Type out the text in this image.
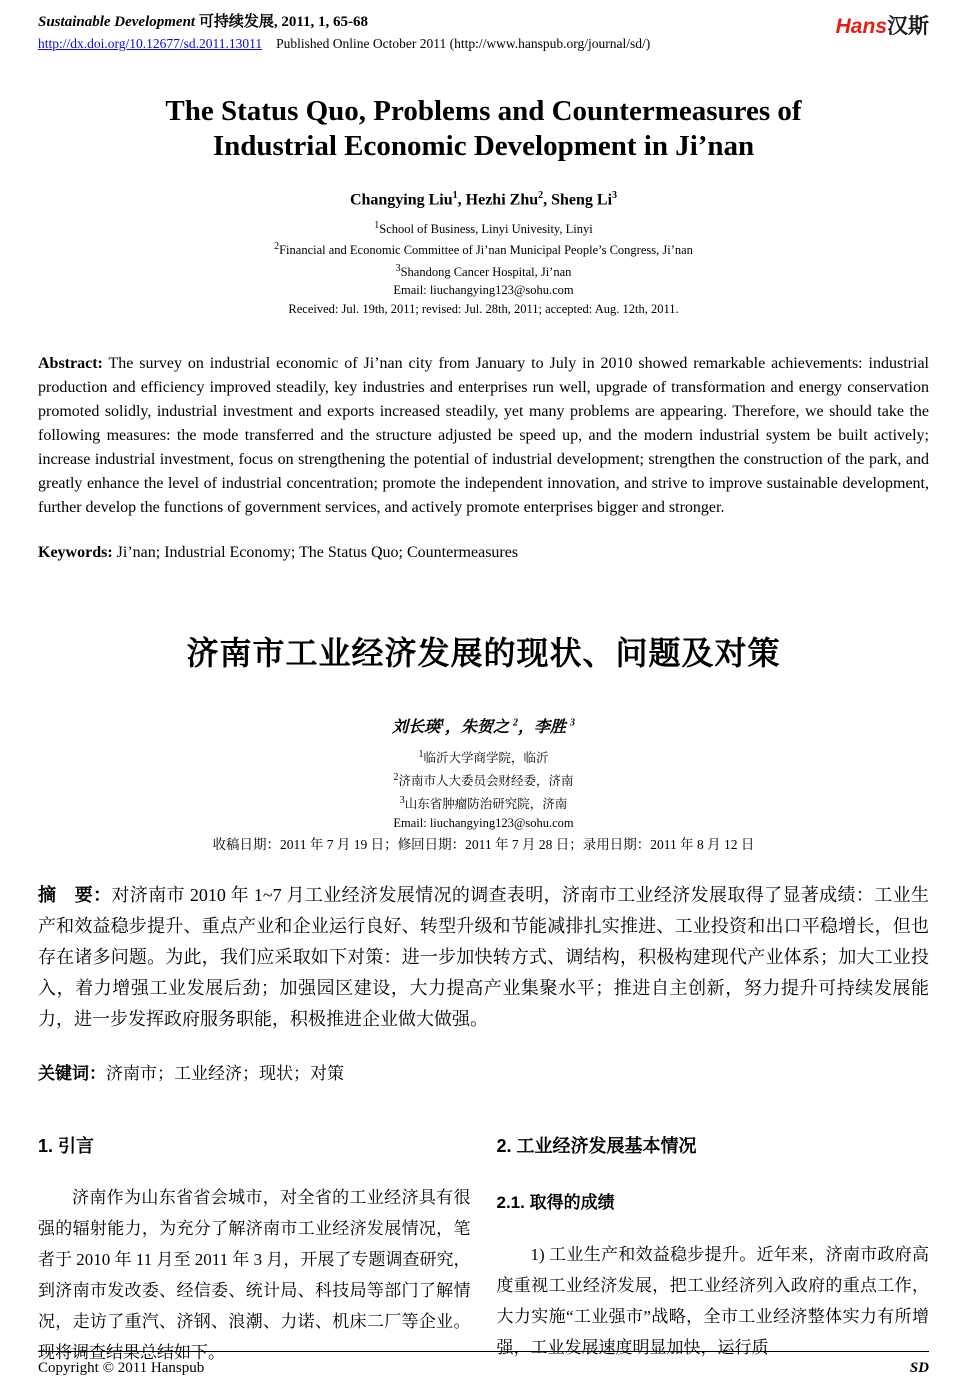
Sustainable Development 可持续发展, 2011, 1, 65-68
http://dx.doi.org/10.12677/sd.2011.13011 Published Online October 2011 (http://www.hanspub.org/journal/sd/)
Hans汉斯
The Status Quo, Problems and Countermeasures of
Industrial Economic Development in Ji’nan
Changying Liu$^1$, Hezhi Zhu$^2$, Sheng Li$^3$
$^1$School of Business, Linyi Univesity, Linyi
$^2$Financial and Economic Committee of Ji’nan Municipal People’s Congress, Ji’nan
$^3$Shandong Cancer Hospital, Ji’nan
Email: liuchangying123@sohu.com
Received: Jul. 19th, 2011; revised: Jul. 28th, 2011; accepted: Aug. 12th, 2011.
Abstract: The survey on industrial economic of Ji’nan city from January to July in 2010 showed remarkable achievements: industrial production and efficiency improved steadily, key industries and enterprises run well, upgrade of transformation and energy conservation promoted solidly, industrial investment and exports increased steadily, yet many problems are appearing. Therefore, we should take the following measures: the mode transferred and the structure adjusted be speed up, and the modern industrial system be built actively; increase industrial investment, focus on strengthening the potential of industrial development; strengthen the construction of the park, and greatly enhance the level of industrial concentration; promote the independent innovation, and strive to improve sustainable development, further develop the functions of government services, and actively promote enterprises bigger and stronger.
Keywords: Ji’nan; Industrial Economy; The Status Quo; Countermeasures
济南市工业经济发展的现状、问题及对策
刘长瑛$^1$，朱贺之 $^2$，李胜 $^3$
$^1$临沂大学商学院，临沂
$^2$济南市人大委员会财经委，济南
$^3$山东省肿瘤防治研究院，济南
Email: liuchangying123@sohu.com
收稿日期：2011 年 7 月 19 日；修回日期：2011 年 7 月 28 日；录用日期：2011 年 8 月 12 日
摘　要：对济南市 2010 年 1~7 月工业经济发展情况的调查表明，济南市工业经济发展取得了显著成绩：工业生产和效益稳步提升、重点产业和企业运行良好、转型升级和节能减排扎实推进、工业投资和出口平稳增长，但也存在诸多问题。为此，我们应采取如下对策：进一步加快转方式、调结构，积极构建现代产业体系；加大工业投入，着力增强工业发展后劲；加强园区建设，大力提高产业集聚水平；推进自主创新，努力提升可持续发展能力，进一步发挥政府服务职能，积极推进企业做大做强。
关键词：济南市；工业经济；现状；对策
1. 引言
济南作为山东省省会城市，对全省的工业经济具有很强的辐射能力，为充分了解济南市工业经济发展情况，笔者于 2010 年 11 月至 2011 年 3 月，开展了专题调查研究，到济南市发改委、经信委、统计局、科技局等部门了解情况，走访了重汽、济钢、浪潮、力诺、机床二厂等企业。现将调查结果总结如下。
2. 工业经济发展基本情况
2.1. 取得的成绩
1) 工业生产和效益稳步提升。近年来，济南市政府高度重视工业经济发展，把工业经济列入政府的重点工作，大力实施“工业强市”战略，全市工业经济整体实力有所增强，工业发展速度明显加快，运行质
Copyright © 2011 Hanspub	SD
